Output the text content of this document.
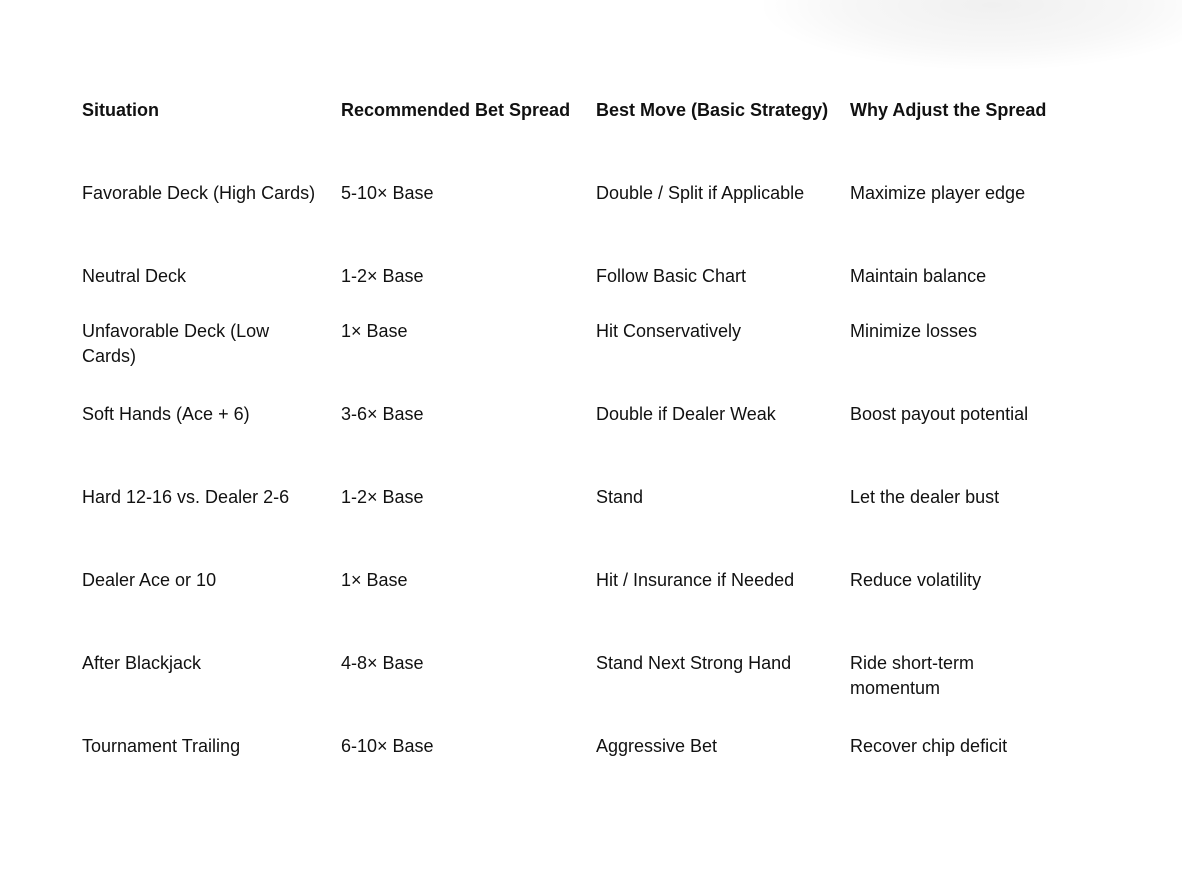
Situation	Recommended Bet Spread	Best Move (Basic Strategy)	Why Adjust the Spread
Favorable Deck (High Cards)	5-10× Base	Double / Split if Applicable	Maximize player edge
Neutral Deck	1-2× Base	Follow Basic Chart	Maintain balance
Unfavorable Deck (Low Cards)	1× Base	Hit Conservatively	Minimize losses
Soft Hands (Ace + 6)	3-6× Base	Double if Dealer Weak	Boost payout potential
Hard 12-16 vs. Dealer 2-6	1-2× Base	Stand	Let the dealer bust
Dealer Ace or 10	1× Base	Hit / Insurance if Needed	Reduce volatility
After Blackjack	4-8× Base	Stand Next Strong Hand	Ride short-term momentum
Tournament Trailing	6-10× Base	Aggressive Bet	Recover chip deficit
